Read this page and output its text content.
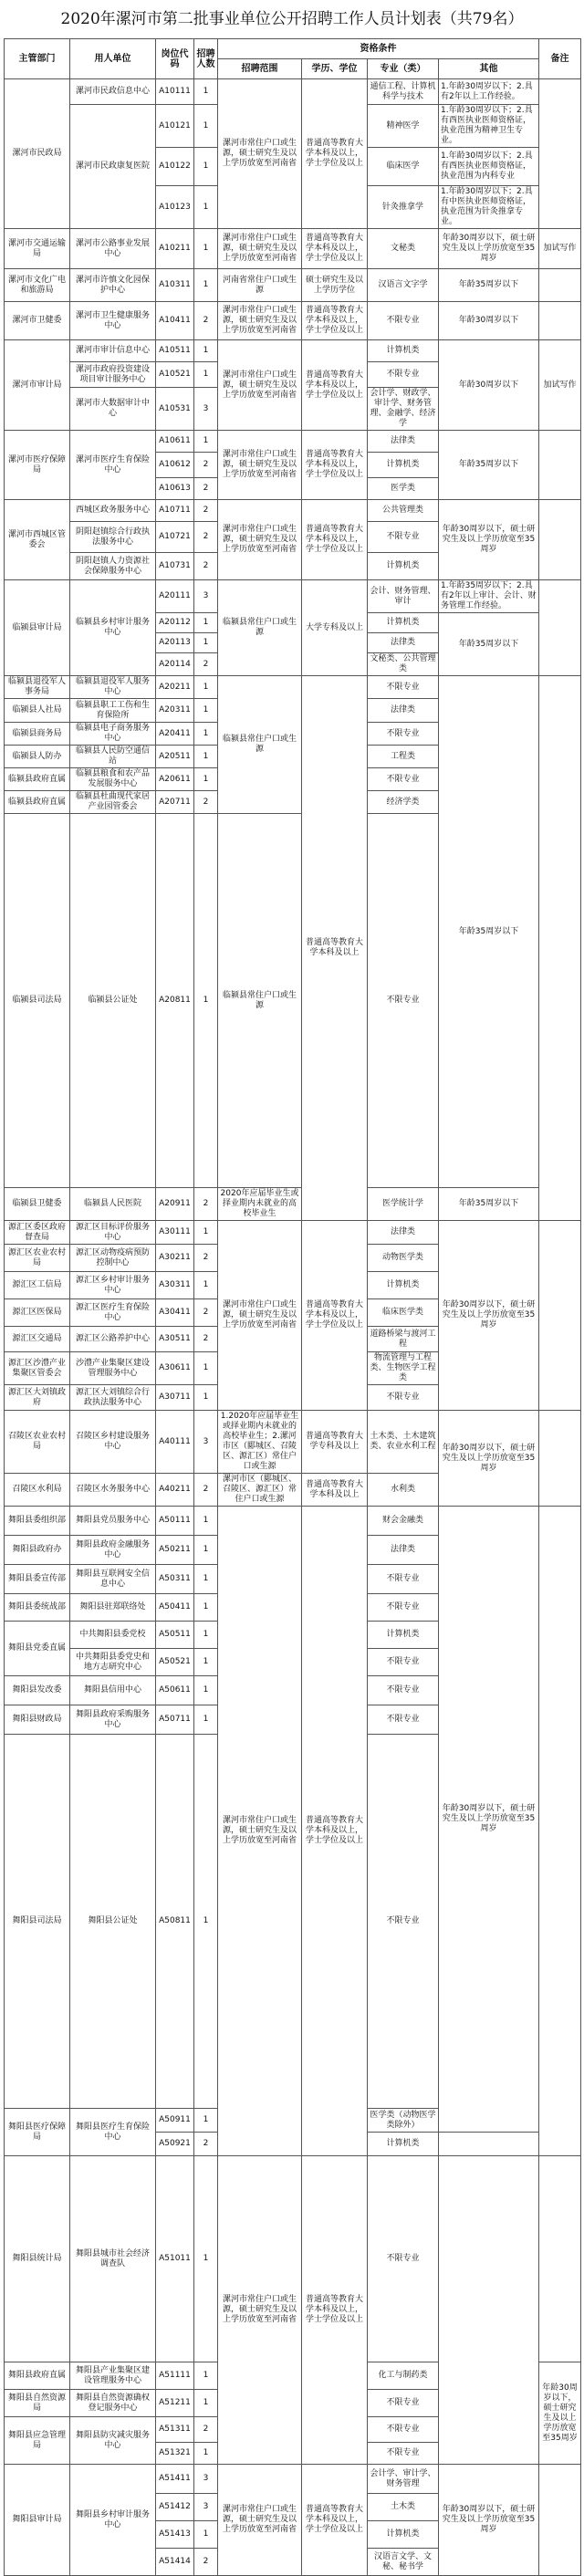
2020年漯河市第二批事业单位公开招聘工作人员计划表（共79名）
主管部门	用人单位	岗位代码	招聘人数	资格条件				备注	
				招聘范围	学历、学位	专业（类）	其他		
漯河市民政局	漯河市民政信息中心	A10111	1	漯河市常住户口或生源，硕士研究生及以上学历放宽至河南省	普通高等教育大学本科及以上，学士学位及以上	通信工程、计算机科学与技术	1.年龄30周岁以下；2.具有2年以上工作经验。		
	漯河市民政康复医院	A10121	1			精神医学	1.年龄30周岁以下；2.具有西医执业医师资格证，执业范围为精神卫生专业。		
		A10122	1			临床医学	1.年龄30周岁以下；2.具有西医执业医师资格证，执业范围为内科专业		
		A10123	1			针灸推拿学	1.年龄30周岁以下；2.具有中医执业医师资格证，执业范围为针灸推拿专业。		
漯河市交通运输局	漯河市公路事业发展中心	A10211	1	漯河市常住户口或生源，硕士研究生及以上学历放宽至河南省	普通高等教育大学本科及以上，学士学位及以上	文秘类	年龄30周岁以下，硕士研究生及以上学历放宽至35周岁	加试写作	
漯河市文化广电和旅游局	漯河市许慎文化园保护中心	A10311	1	河南省常住户口或生源	硕士研究生及以上学历学位	汉语言文字学	年龄35周岁以下		
漯河市卫健委	漯河市卫生健康服务中心	A10411	2	漯河市常住户口或生源，硕士研究生及以上学历放宽至河南省	普通高等教育大学本科及以上，学士学位及以上	不限专业	年龄30周岁以下		
漯河市审计局	漯河市审计信息中心	A10511	1	漯河市常住户口或生源，硕士研究生及以上学历放宽至河南省	普通高等教育大学本科及以上，学士学位及以上	计算机类	年龄30周岁以下	加试写作	
	漯河市政府投资建设项目审计服务中心	A10521	1			不限专业			
	漯河市大数据审计中心	A10531	3			会计学、财政学、审计学、财务管理、金融学、经济学			
漯河市医疗保障局	漯河市医疗生育保险中心	A10611	1	漯河市常住户口或生源，硕士研究生及以上学历放宽至河南省	普通高等教育大学本科及以上，学士学位及以上	法律类	年龄35周岁以下		
		A10612	2			计算机类			
		A10613	2			医学类			
漯河市西城区管委会	西城区政务服务中心	A10711	2	漯河市常住户口或生源，硕士研究生及以上学历放宽至河南省	普通高等教育大学本科及以上，学士学位及以上	公共管理类	年龄30周岁以下，硕士研究生及以上学历放宽至35周岁		
	阴阳赵镇综合行政执法服务中心	A10721	2			不限专业			
	阴阳赵镇人力资源社会保障服务中心	A10731	2			计算机类			
临颍县审计局	临颍县乡村审计服务中心	A20111	3	临颍县常住户口或生源	大学专科及以上	会计、财务管理、审计	1.年龄35周岁以下；2.具有2年以上审计、会计、财务管理工作经验。		
		A20112	1			计算机类	年龄35周岁以下		
		A20113	1			法律类			
		A20114	2			文秘类、公共管理类			
临颍县退役军人事务局	临颍县退役军人服务中心	A20211	1	临颍县常住户口或生源	普通高等教育大学本科及以上	不限专业	年龄35周岁以下		
临颍县人社局	临颍县职工工伤和生育保险所	A20311	1			法律类			
临颍县商务局	临颍县电子商务服务中心	A20411	1			不限专业			
临颍县人防办	临颍县人民防空通信站	A20511	1			工程类			
临颍县政府直属	临颍县粮食和农产品发展服务中心	A20611	1			不限专业			
临颍县政府直属	临颍县杜曲现代家居产业园管委会	A20711	2			经济学类			
临颍县司法局	临颍县公证处	A20811	1	临颍县常住户口或生源		不限专业	
临颍县卫健委	临颍县人民医院	A20911	2	2020年应届毕业生或择业期内未就业的高校毕业生		医学统计学	年龄35周岁以下		
源汇区委区政府督查局	源汇区目标评价服务中心	A30111	1	漯河市常住户口或生源，硕士研究生及以上学历放宽至河南省	普通高等教育大学本科及以上，学士学位及以上	法律类	年龄30周岁以下，硕士研究生及以上学历放宽至35周岁		
源汇区农业农村局	源汇区动物疫病预防控制中心	A30211	2			动物医学类			
源汇区工信局	源汇区乡村审计服务中心	A30311	1			计算机类			
源汇区医保局	源汇区医疗生育保险中心	A30411	2			临床医学类			
源汇区交通局	源汇区公路养护中心	A30511	2			道路桥梁与渡河工程			
源汇区沙澧产业集聚区管委会	沙澧产业集聚区建设管理服务中心	A30611	1			物流管理与工程类、生物医学工程类			
源汇区大刘镇政府	源汇区大刘镇综合行政执法服务中心	A30711	1			不限专业			
召陵区农业农村局	召陵区乡村建设服务中心	A40111	3	1.2020年应届毕业生或择业期内未就业的高校毕业生；2.漯河市区（郾城区、召陵区、源汇区）常住户口或生源	普通高等教育大学专科及以上	土木类、土木建筑类、农业水利工程	年龄30周岁以下，硕士研究生及以上学历放宽至35周岁		
召陵区水利局	召陵区水务服务中心	A40211	2	漯河市区（郾城区、召陵区、源汇区）常住户口或生源	普通高等教育大学本科及以上	水利类			
舞阳县委组织部	舞阳县党员服务中心	A50111	1	漯河市常住户口或生源，硕士研究生及以上学历放宽至河南省	普通高等教育大学本科及以上，学士学位及以上	财会金融类	年龄30周岁以下，硕士研究生及以上学历放宽至35周岁		
舞阳县政府办	舞阳县政府金融服务中心	A50211	1			法律类			
舞阳县委宣传部	舞阳县互联网安全信息中心	A50311	1			不限专业			
舞阳县委统战部	舞阳县驻郑联络处	A50411	1			不限专业			
舞阳县党委直属	中共舞阳县委党校	A50511	1			计算机类			
	中共舞阳县委党史和地方志研究中心	A50521	1			不限专业			
舞阳县发改委	舞阳县信用中心	A50611	1			不限专业			
舞阳县财政局	舞阳县政府采购服务中心	A50711	1			不限专业			
舞阳县司法局	舞阳县公证处	A50811	1			不限专业	
舞阳县医疗保障局	舞阳县医疗生育保险中心	A50911	1			医学类（动物医学类除外）	
		A50921	2			计算机类			
舞阳县统计局	舞阳县城市社会经济调查队	A51011	1	漯河市常住户口或生源，硕士研究生及以上学历放宽至河南省	普通高等教育大学本科及以上，学士学位及以上	不限专业			
舞阳县政府直属	舞阳县产业集聚区建设管理服务中心	A51111	1			化工与制药类		年龄30周岁以下，硕士研究生及以上学历放宽至35周岁	
舞阳县自然资源局	舞阳县自然资源确权登记服务中心	A51211	1			不限专业			
舞阳县应急管理局	舞阳县防灾减灾服务中心	A51311	2			不限专业			
		A51321	1			不限专业			
舞阳县审计局	舞阳县乡村审计服务中心	A51411	3	漯河市常住户口或生源，硕士研究生及以上学历放宽至河南省	普通高等教育大学本科及以上，学士学位及以上	会计学、审计学、财务管理	年龄30周岁以下，硕士研究生及以上学历放宽至35周岁		
		A51412	3			土木类			
		A51413	1			计算机类			
		A51414	2			汉语言文学、文秘、秘书学			
